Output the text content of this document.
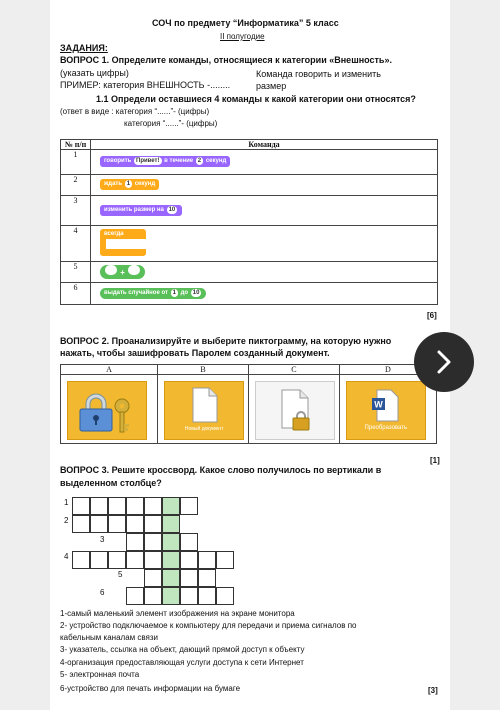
СОЧ по предмету “Информатика” 5 класс
II полугодие
ЗАДАНИЯ:
ВОПРОС 1. Определите команды, относящиеся к категории «Внешность».
(указать цифры)
ПРИМЕР: категория ВНЕШНОСТЬ -........
Команда говорить и изменить
размер
1.1 Определи оставшиеся 4 команды к какой категории они относятся?
(ответ в виде : категория “......”- (цифры)
категория “......”- (цифры)
№ п/п	Команда
1	говорить Привет! в течение 2 секунд

2	ждать 1 секунд

3	изменить размер на 10

4	всегда

5	+

6	выдать случайное от 1 до 10
[6]
ВОПРОС 2. Проанализируйте и выберите пиктограмму, на которую нужно
нажать, чтобы зашифровать Паролем созданный документ.
A	B	C	D

Новый документ		W
Преобразовать
[1]
ВОПРОС 3. Решите кроссворд. Какое слово получилось по вертикали в
выделенном столбце?
1
2
3
4
5
6
1-самый маленький элемент изображения на экране монитора
2- устройство подключаемое к компьютеру для передачи и приема сигналов по
кабельным каналам связи
3- указатель, ссылка на объект, дающий прямой доступ к объекту
4-организация предоставляющая услуги доступа к сети Интернет
5- электронная почта
6-устройство для печать информации на бумаге	[3]
